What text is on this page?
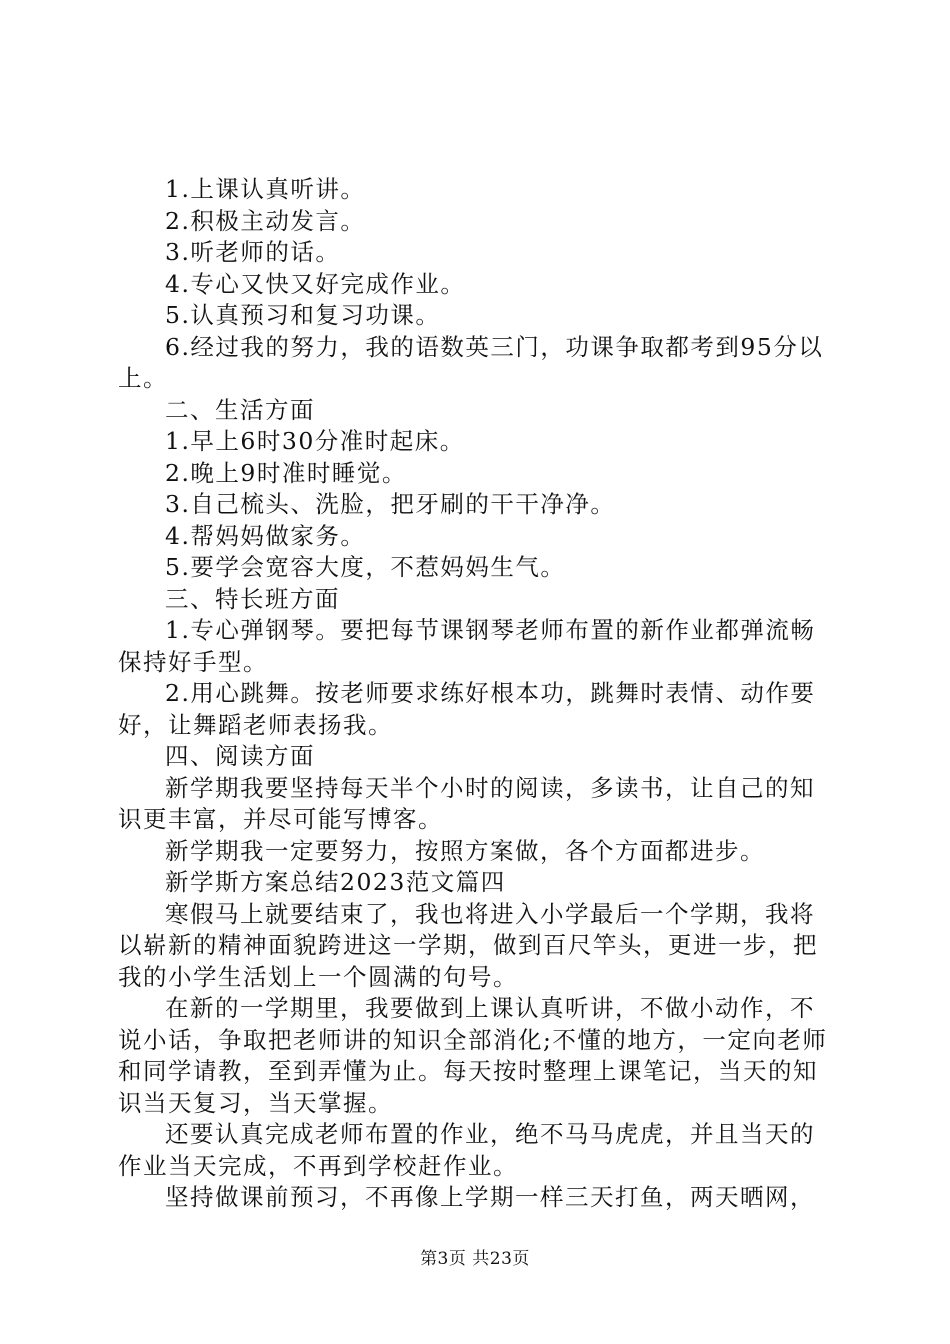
1.上课认真听讲。

2.积极主动发言。

3.听老师的话。

4.专心又快又好完成作业。

5.认真预习和复习功课。

6.经过我的努力，我的语数英三门，功课争取都考到95分以上。

二、生活方面

1.早上6时30分准时起床。

2.晚上9时准时睡觉。

3.自己梳头、洗脸，把牙刷的干干净净。

4.帮妈妈做家务。

5.要学会宽容大度，不惹妈妈生气。

三、特长班方面

1.专心弹钢琴。要把每节课钢琴老师布置的新作业都弹流畅保持好手型。

2.用心跳舞。按老师要求练好根本功，跳舞时表情、动作要好，让舞蹈老师表扬我。

四、阅读方面

新学期我要坚持每天半个小时的阅读，多读书，让自己的知识更丰富，并尽可能写博客。

新学期我一定要努力，按照方案做，各个方面都进步。

新学斯方案总结2023范文篇四

寒假马上就要结束了，我也将进入小学最后一个学期，我将以崭新的精神面貌跨进这一学期，做到百尺竿头，更进一步，把我的小学生活划上一个圆满的句号。

在新的一学期里，我要做到上课认真听讲，不做小动作，不说小话，争取把老师讲的知识全部消化;不懂的地方，一定向老师和同学请教，至到弄懂为止。每天按时整理上课笔记，当天的知识当天复习，当天掌握。

还要认真完成老师布置的作业，绝不马马虎虎，并且当天的作业当天完成，不再到学校赶作业。

坚持做课前预习，不再像上学期一样三天打鱼，两天晒网，

第3页 共23页
